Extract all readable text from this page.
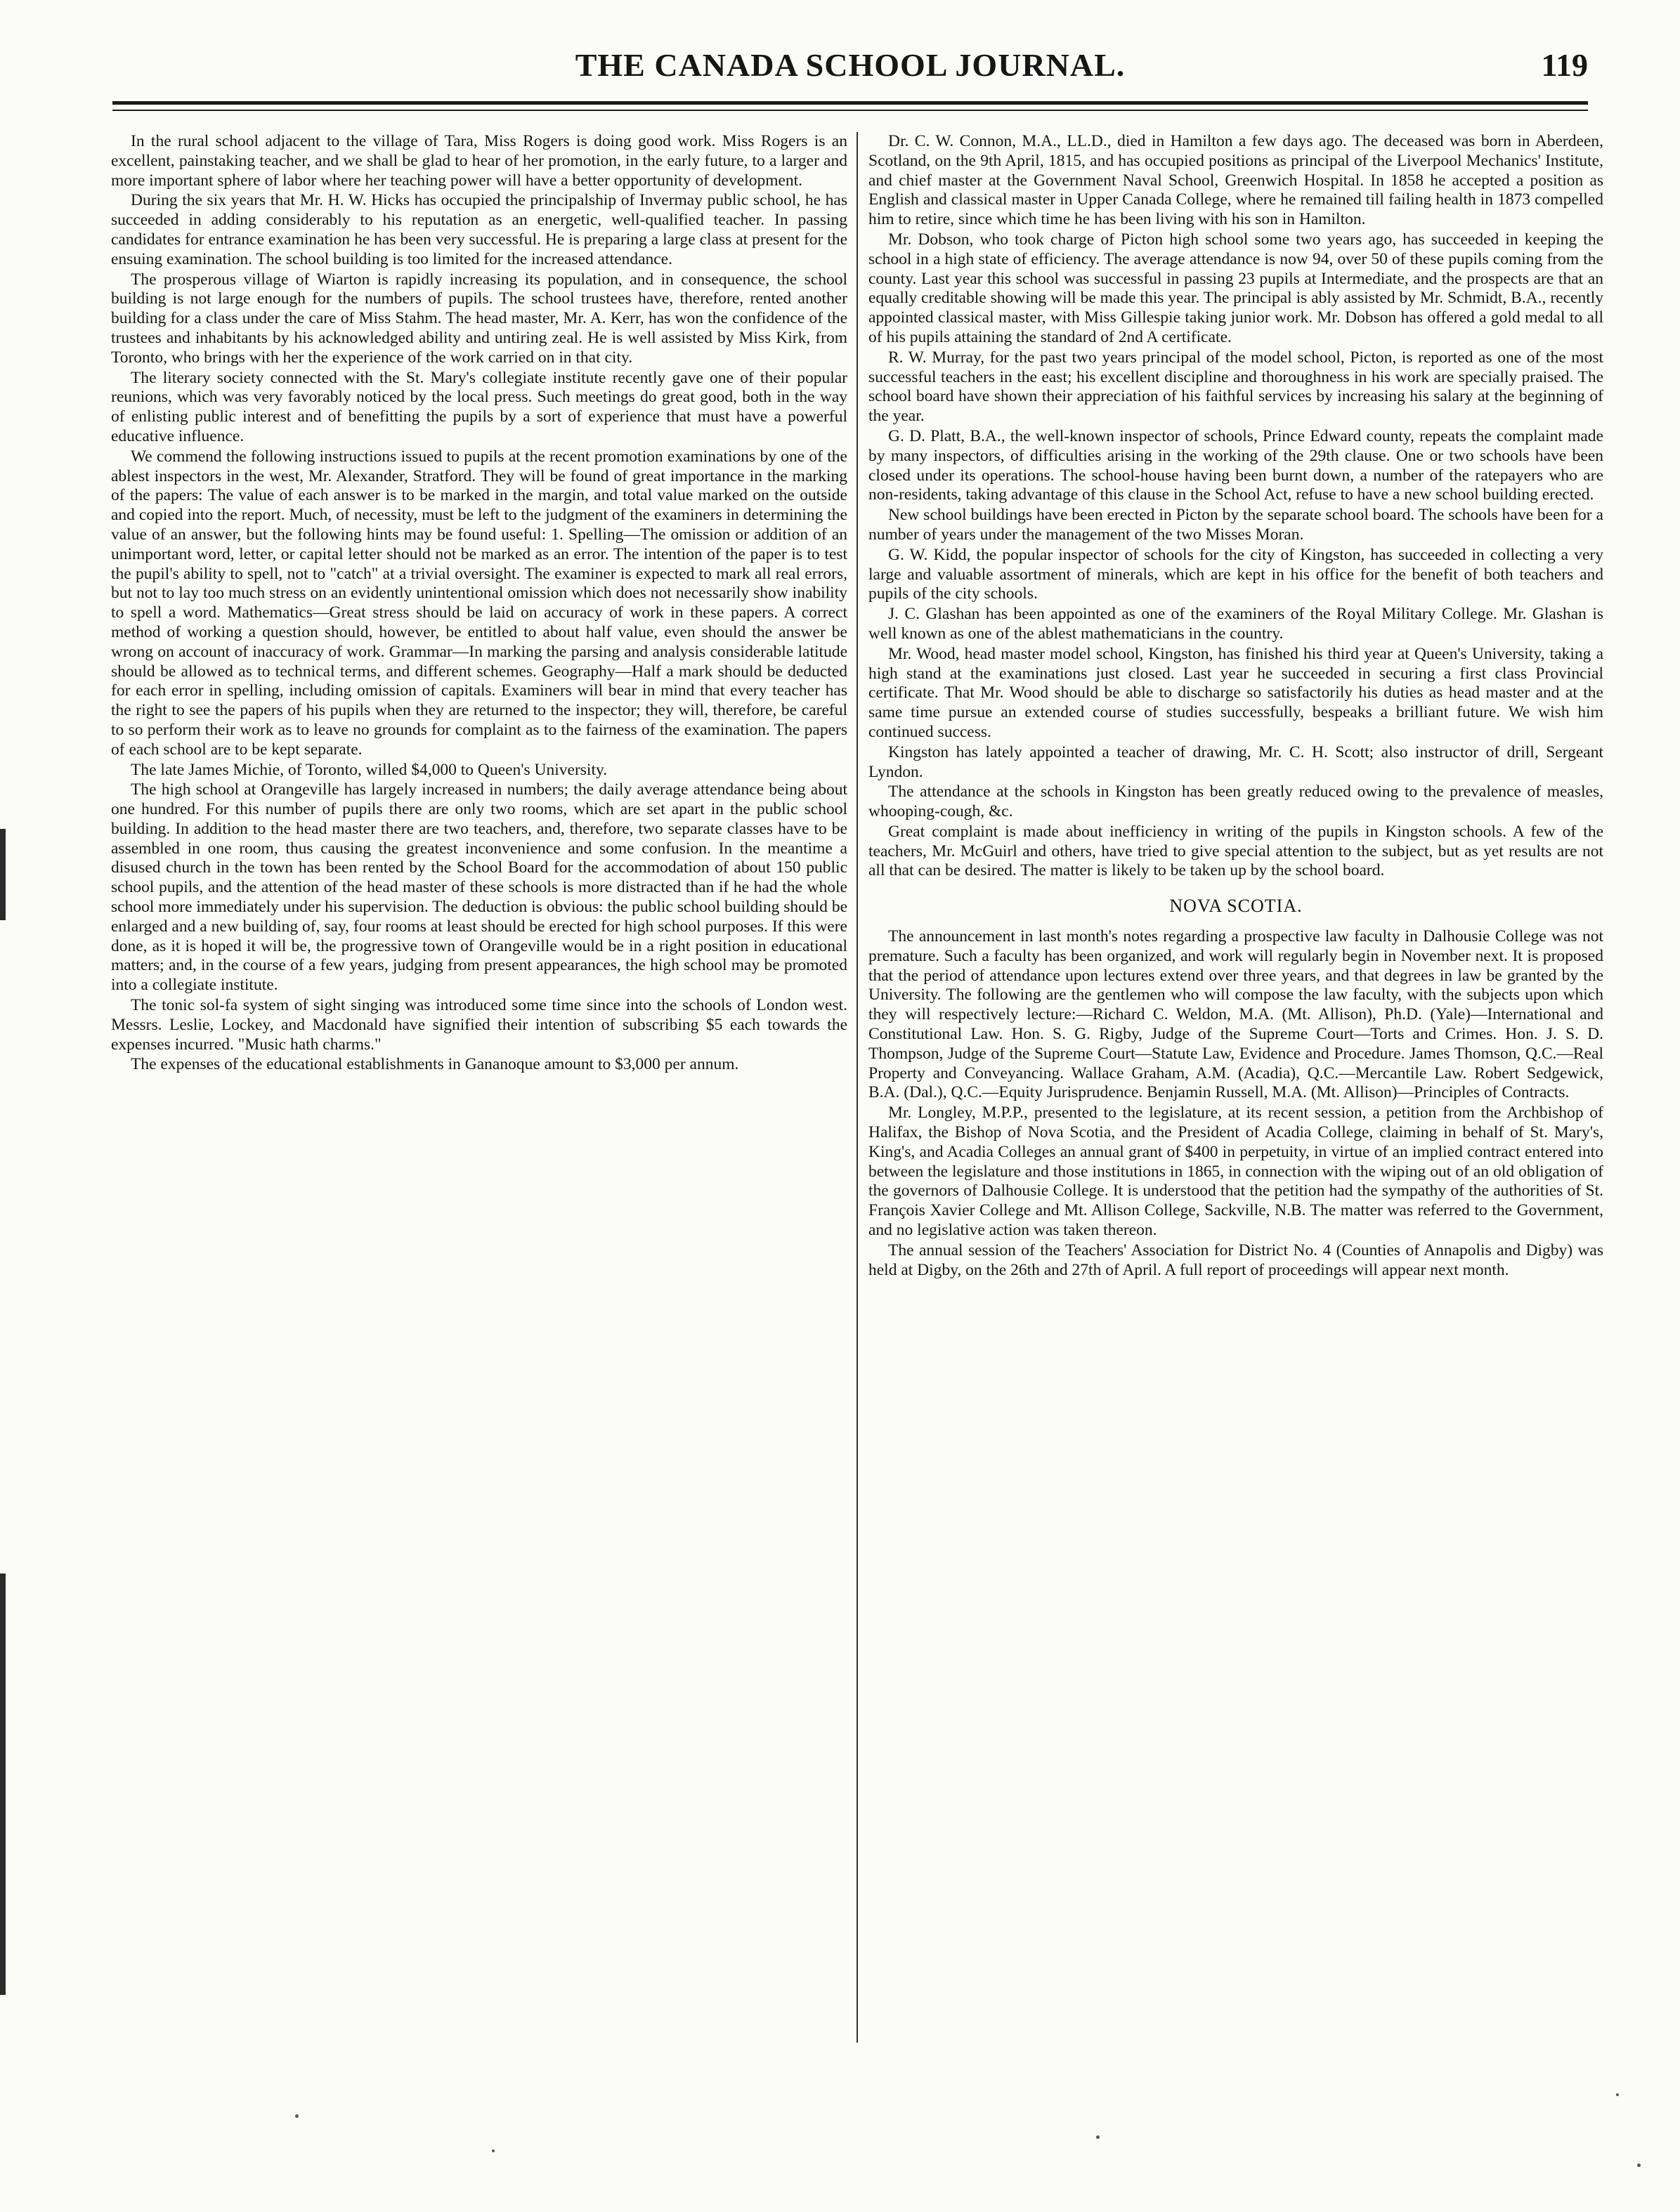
THE CANADA SCHOOL JOURNAL.	119

In the rural school adjacent to the village of Tara, Miss Rogers is doing good work. Miss Rogers is an excellent, painstaking teacher, and we shall be glad to hear of her promotion, in the early future, to a larger and more important sphere of labor where her teaching power will have a better opportunity of development.

During the six years that Mr. H. W. Hicks has occupied the principalship of Invermay public school, he has succeeded in adding considerably to his reputation as an energetic, well-qualified teacher. In passing candidates for entrance examination he has been very successful. He is preparing a large class at present for the ensuing examination. The school building is too limited for the increased attendance.

The prosperous village of Wiarton is rapidly increasing its population, and in consequence, the school building is not large enough for the numbers of pupils. The school trustees have, therefore, rented another building for a class under the care of Miss Stahm. The head master, Mr. A. Kerr, has won the confidence of the trustees and inhabitants by his acknowledged ability and untiring zeal. He is well assisted by Miss Kirk, from Toronto, who brings with her the experience of the work carried on in that city.

The literary society connected with the St. Mary's collegiate institute recently gave one of their popular reunions, which was very favorably noticed by the local press. Such meetings do great good, both in the way of enlisting public interest and of benefitting the pupils by a sort of experience that must have a powerful educative influence.

We commend the following instructions issued to pupils at the recent promotion examinations by one of the ablest inspectors in the west, Mr. Alexander, Stratford. They will be found of great importance in the marking of the papers: The value of each answer is to be marked in the margin, and total value marked on the outside and copied into the report. Much, of necessity, must be left to the judgment of the examiners in determining the value of an answer, but the following hints may be found useful: 1. Spelling—The omission or addition of an unimportant word, letter, or capital letter should not be marked as an error. The intention of the paper is to test the pupil's ability to spell, not to "catch" at a trivial oversight. The examiner is expected to mark all real errors, but not to lay too much stress on an evidently unintentional omission which does not necessarily show inability to spell a word. Mathematics—Great stress should be laid on accuracy of work in these papers. A correct method of working a question should, however, be entitled to about half value, even should the answer be wrong on account of inaccuracy of work. Grammar—In marking the parsing and analysis considerable latitude should be allowed as to technical terms, and different schemes. Geography—Half a mark should be deducted for each error in spelling, including omission of capitals. Examiners will bear in mind that every teacher has the right to see the papers of his pupils when they are returned to the inspector; they will, therefore, be careful to so perform their work as to leave no grounds for complaint as to the fairness of the examination. The papers of each school are to be kept separate.

The late James Michie, of Toronto, willed $4,000 to Queen's University.

The high school at Orangeville has largely increased in numbers; the daily average attendance being about one hundred. For this number of pupils there are only two rooms, which are set apart in the public school building. In addition to the head master there are two teachers, and, therefore, two separate classes have to be assembled in one room, thus causing the greatest inconvenience and some confusion. In the meantime a disused church in the town has been rented by the School Board for the accommodation of about 150 public school pupils, and the attention of the head master of these schools is more distracted than if he had the whole school more immediately under his supervision. The deduction is obvious: the public school building should be enlarged and a new building of, say, four rooms at least should be erected for high school purposes. If this were done, as it is hoped it will be, the progressive town of Orangeville would be in a right position in educational matters; and, in the course of a few years, judging from present appearances, the high school may be promoted into a collegiate institute.

The tonic sol-fa system of sight singing was introduced some time since into the schools of London west. Messrs. Leslie, Lockey, and Macdonald have signified their intention of subscribing $5 each towards the expenses incurred. "Music hath charms."

The expenses of the educational establishments in Gananoque amount to $3,000 per annum.

Dr. C. W. Connon, M.A., LL.D., died in Hamilton a few days ago. The deceased was born in Aberdeen, Scotland, on the 9th April, 1815, and has occupied positions as principal of the Liverpool Mechanics' Institute, and chief master at the Government Naval School, Greenwich Hospital. In 1858 he accepted a position as English and classical master in Upper Canada College, where he remained till failing health in 1873 compelled him to retire, since which time he has been living with his son in Hamilton.

Mr. Dobson, who took charge of Picton high school some two years ago, has succeeded in keeping the school in a high state of efficiency. The average attendance is now 94, over 50 of these pupils coming from the county. Last year this school was successful in passing 23 pupils at Intermediate, and the prospects are that an equally creditable showing will be made this year. The principal is ably assisted by Mr. Schmidt, B.A., recently appointed classical master, with Miss Gillespie taking junior work. Mr. Dobson has offered a gold medal to all of his pupils attaining the standard of 2nd A certificate.

R. W. Murray, for the past two years principal of the model school, Picton, is reported as one of the most successful teachers in the east; his excellent discipline and thoroughness in his work are specially praised. The school board have shown their appreciation of his faithful services by increasing his salary at the beginning of the year.

G. D. Platt, B.A., the well-known inspector of schools, Prince Edward county, repeats the complaint made by many inspectors, of difficulties arising in the working of the 29th clause. One or two schools have been closed under its operations. The school-house having been burnt down, a number of the ratepayers who are non-residents, taking advantage of this clause in the School Act, refuse to have a new school building erected.

New school buildings have been erected in Picton by the separate school board. The schools have been for a number of years under the management of the two Misses Moran.

G. W. Kidd, the popular inspector of schools for the city of Kingston, has succeeded in collecting a very large and valuable assortment of minerals, which are kept in his office for the benefit of both teachers and pupils of the city schools.

J. C. Glashan has been appointed as one of the examiners of the Royal Military College. Mr. Glashan is well known as one of the ablest mathematicians in the country.

Mr. Wood, head master model school, Kingston, has finished his third year at Queen's University, taking a high stand at the examinations just closed. Last year he succeeded in securing a first class Provincial certificate. That Mr. Wood should be able to discharge so satisfactorily his duties as head master and at the same time pursue an extended course of studies successfully, bespeaks a brilliant future. We wish him continued success.

Kingston has lately appointed a teacher of drawing, Mr. C. H. Scott; also instructor of drill, Sergeant Lyndon.

The attendance at the schools in Kingston has been greatly reduced owing to the prevalence of measles, whooping-cough, &c.

Great complaint is made about inefficiency in writing of the pupils in Kingston schools. A few of the teachers, Mr. McGuirl and others, have tried to give special attention to the subject, but as yet results are not all that can be desired. The matter is likely to be taken up by the school board.

NOVA SCOTIA.

The announcement in last month's notes regarding a prospective law faculty in Dalhousie College was not premature. Such a faculty has been organized, and work will regularly begin in November next. It is proposed that the period of attendance upon lectures extend over three years, and that degrees in law be granted by the University. The following are the gentlemen who will compose the law faculty, with the subjects upon which they will respectively lecture:—Richard C. Weldon, M.A. (Mt. Allison), Ph.D. (Yale)—International and Constitutional Law. Hon. S. G. Rigby, Judge of the Supreme Court—Torts and Crimes. Hon. J. S. D. Thompson, Judge of the Supreme Court—Statute Law, Evidence and Procedure. James Thomson, Q.C.—Real Property and Conveyancing. Wallace Graham, A.M. (Acadia), Q.C.—Mercantile Law. Robert Sedgewick, B.A. (Dal.), Q.C.—Equity Jurisprudence. Benjamin Russell, M.A. (Mt. Allison)—Principles of Contracts.

Mr. Longley, M.P.P., presented to the legislature, at its recent session, a petition from the Archbishop of Halifax, the Bishop of Nova Scotia, and the President of Acadia College, claiming in behalf of St. Mary's, King's, and Acadia Colleges an annual grant of $400 in perpetuity, in virtue of an implied contract entered into between the legislature and those institutions in 1865, in connection with the wiping out of an old obligation of the governors of Dalhousie College. It is understood that the petition had the sympathy of the authorities of St. François Xavier College and Mt. Allison College, Sackville, N.B. The matter was referred to the Government, and no legislative action was taken thereon.

The annual session of the Teachers' Association for District No. 4 (Counties of Annapolis and Digby) was held at Digby, on the 26th and 27th of April. A full report of proceedings will appear next month.
